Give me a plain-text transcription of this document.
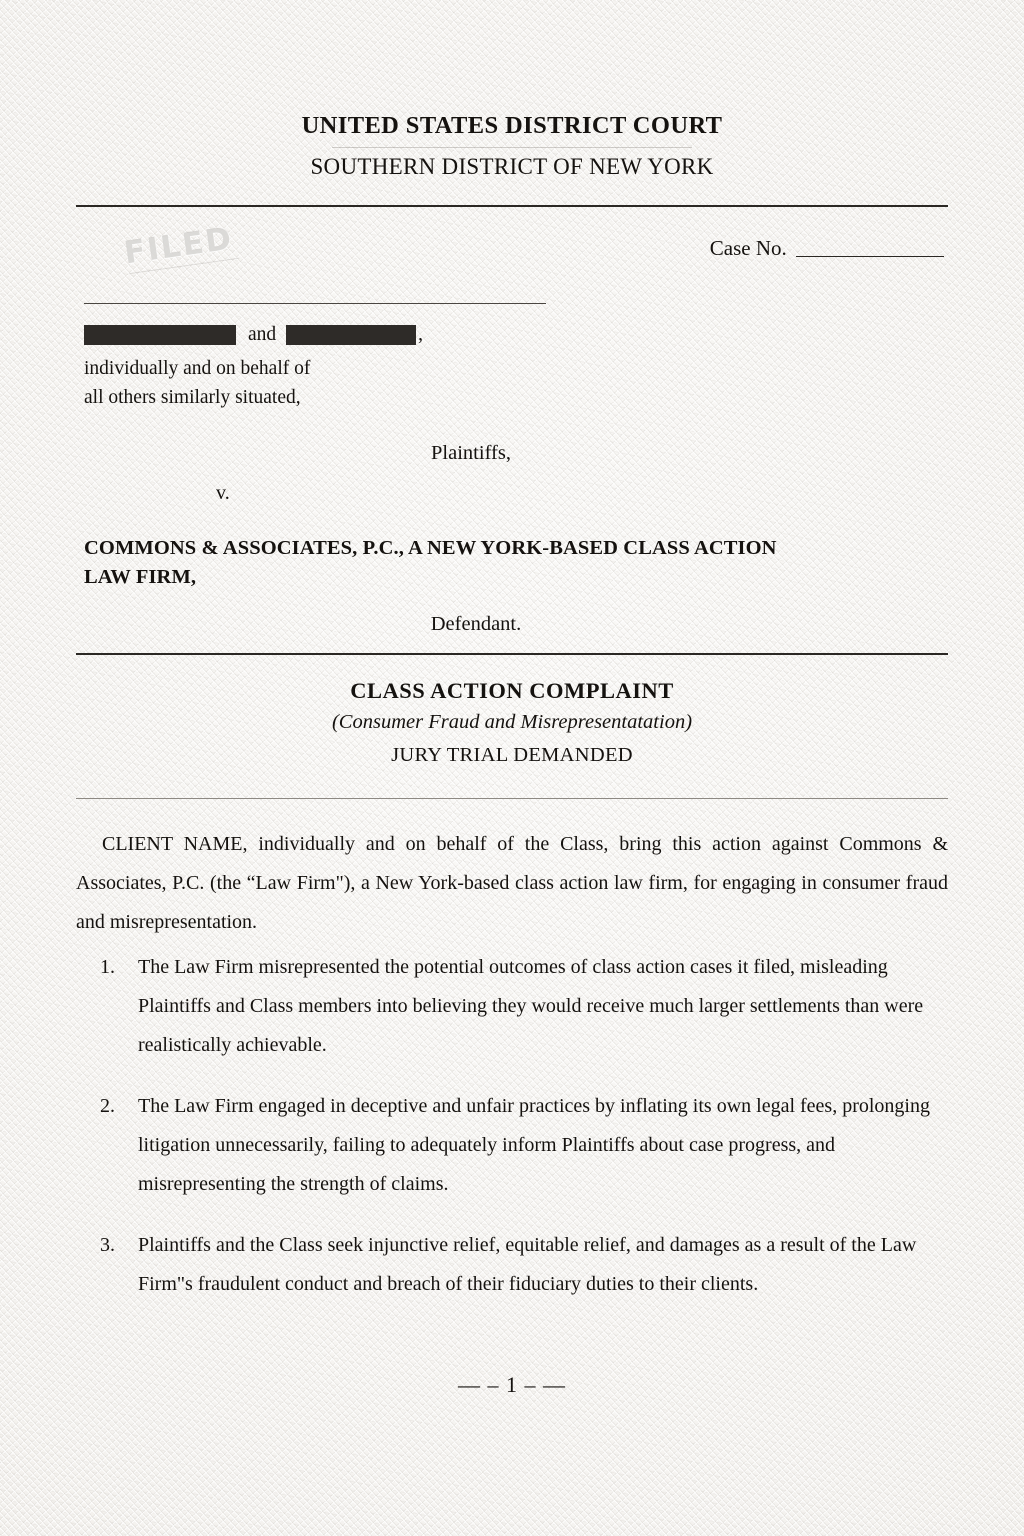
FILED
UNITED STATES DISTRICT COURT
SOUTHERN DISTRICT OF NEW YORK
Case No.
and	,
individually and on behalf of
all others similarly situated,
Plaintiffs,
v.
COMMONS & ASSOCIATES, P.C., A NEW YORK-BASED CLASS ACTION LAW FIRM,
Defendant.
CLASS ACTION COMPLAINT
(Consumer Fraud and Misrepresentatation)
JURY TRIAL DEMANDED
CLIENT NAME, individually and on behalf of the Class, bring this action against Commons & Associates, P.C. (the “Law Firm"), a New York-based class action law firm, for engaging in consumer fraud and misrepresentation.
1. The Law Firm misrepresented the potential outcomes of class action cases it filed, misleading Plaintiffs and Class members into believing they would receive much larger settlements than were realistically achievable.
2. The Law Firm engaged in deceptive and unfair practices by inflating its own legal fees, prolonging litigation unnecessarily, failing to adequately inform Plaintiffs about case progress, and misrepresenting the strength of claims.
3. Plaintiffs and the Class seek injunctive relief, equitable relief, and damages as a result of the Law Firm"s fraudulent conduct and breach of their fiduciary duties to their clients.
— – 1 – —
